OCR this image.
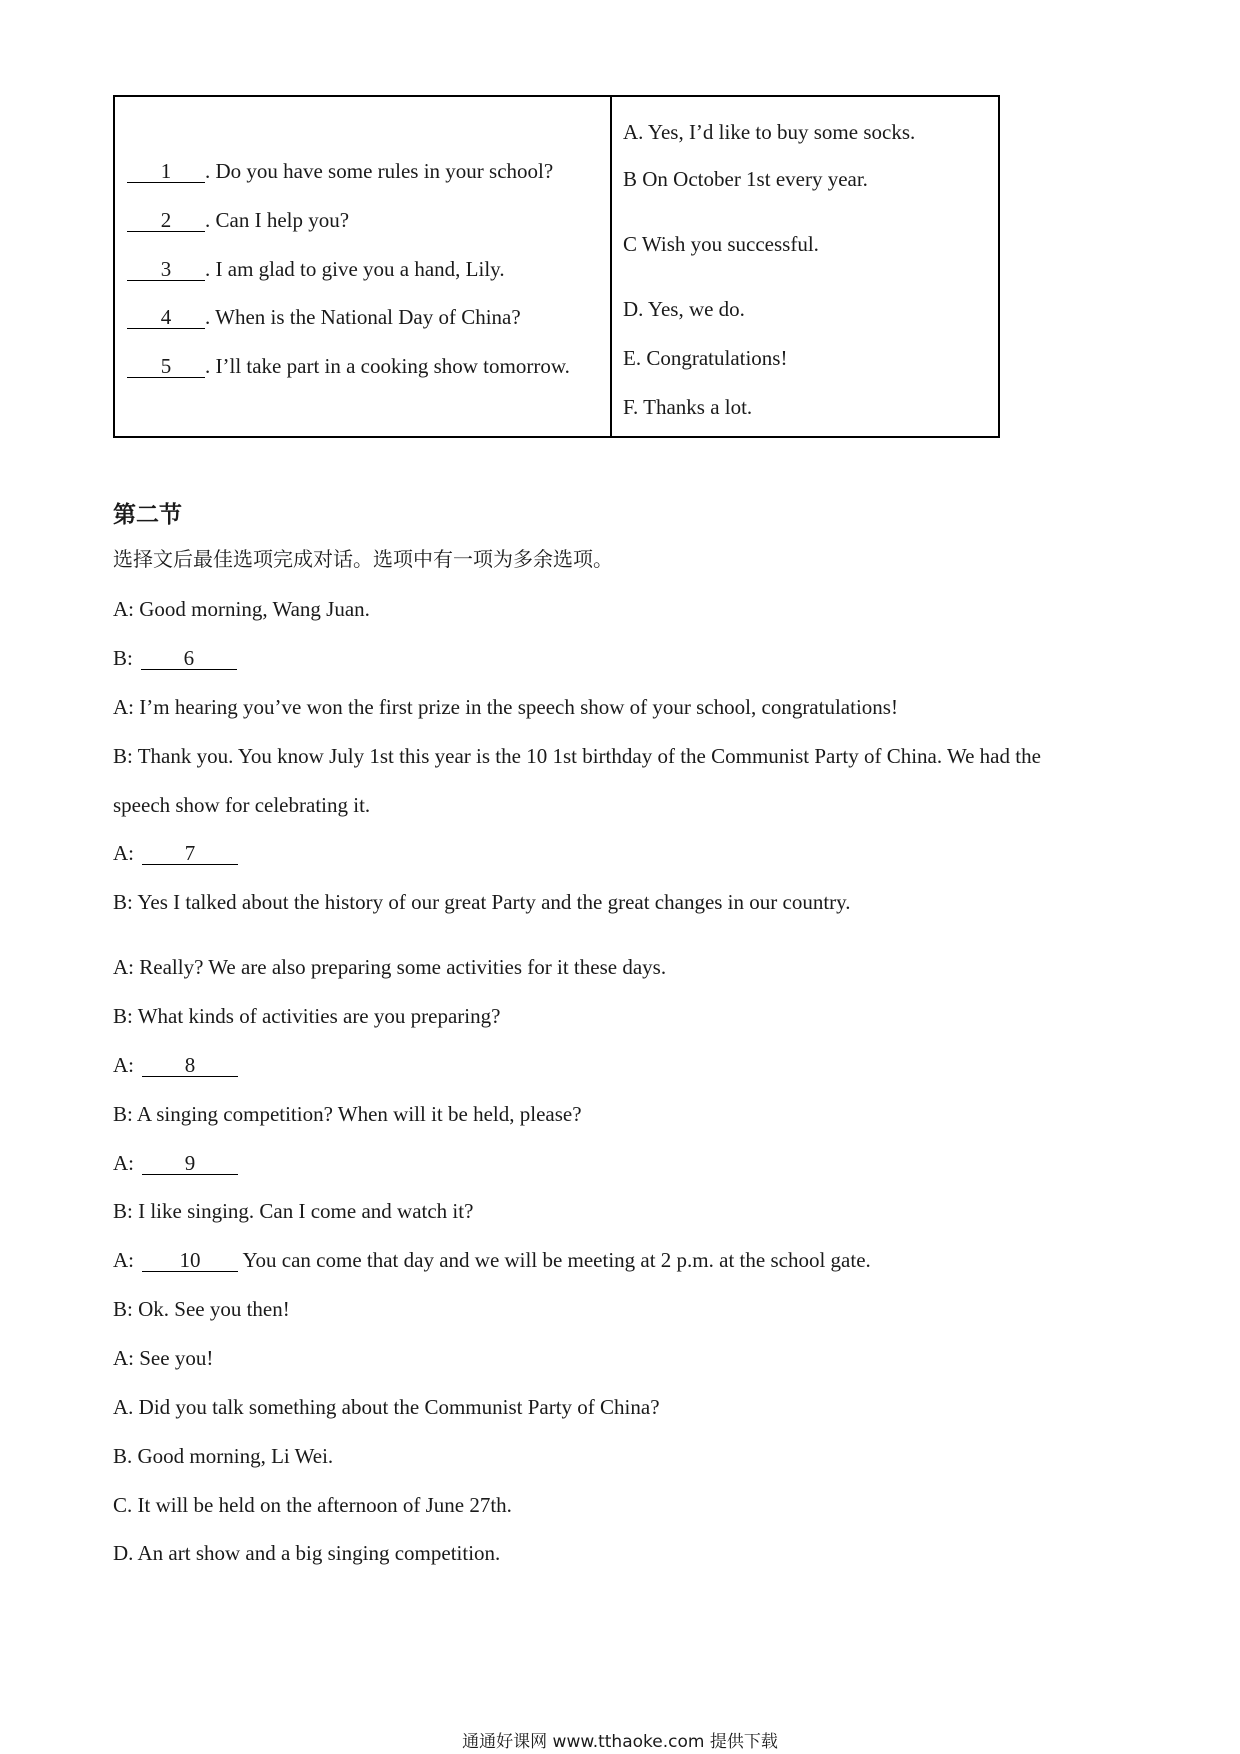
1 . Do you have some rules in your school?
2 . Can I help you?
3 . I am glad to give you a hand, Lily.
4 . When is the National Day of China?
5 . I’ll take part in a cooking show tomorrow.
A. Yes, I’d like to buy some socks.
B On October 1st every year.
C Wish you successful.
D. Yes, we do.
E. Congratulations!
F. Thanks a lot.
第二节
选择文后最佳选项完成对话。选项中有一项为多余选项。
A: Good morning, Wang Juan.
B: 6
A: I’m hearing you’ve won the first prize in the speech show of your school, congratulations!
B: Thank you. You know July 1st this year is the 10 1st birthday of the Communist Party of China. We had the
speech show for celebrating it.
A: 7
B: Yes I talked about the history of our great Party and the great changes in our country.
A: Really? We are also preparing some activities for it these days.
B: What kinds of activities are you preparing?
A: 8
B: A singing competition? When will it be held, please?
A: 9
B: I like singing. Can I come and watch it?
A: 10 You can come that day and we will be meeting at 2 p.m. at the school gate.
B: Ok. See you then!
A: See you!
A. Did you talk something about the Communist Party of China?
B. Good morning, Li Wei.
C. It will be held on the afternoon of June 27th.
D. An art show and a big singing competition.
通通好课网 www.tthaoke.com 提供下载
